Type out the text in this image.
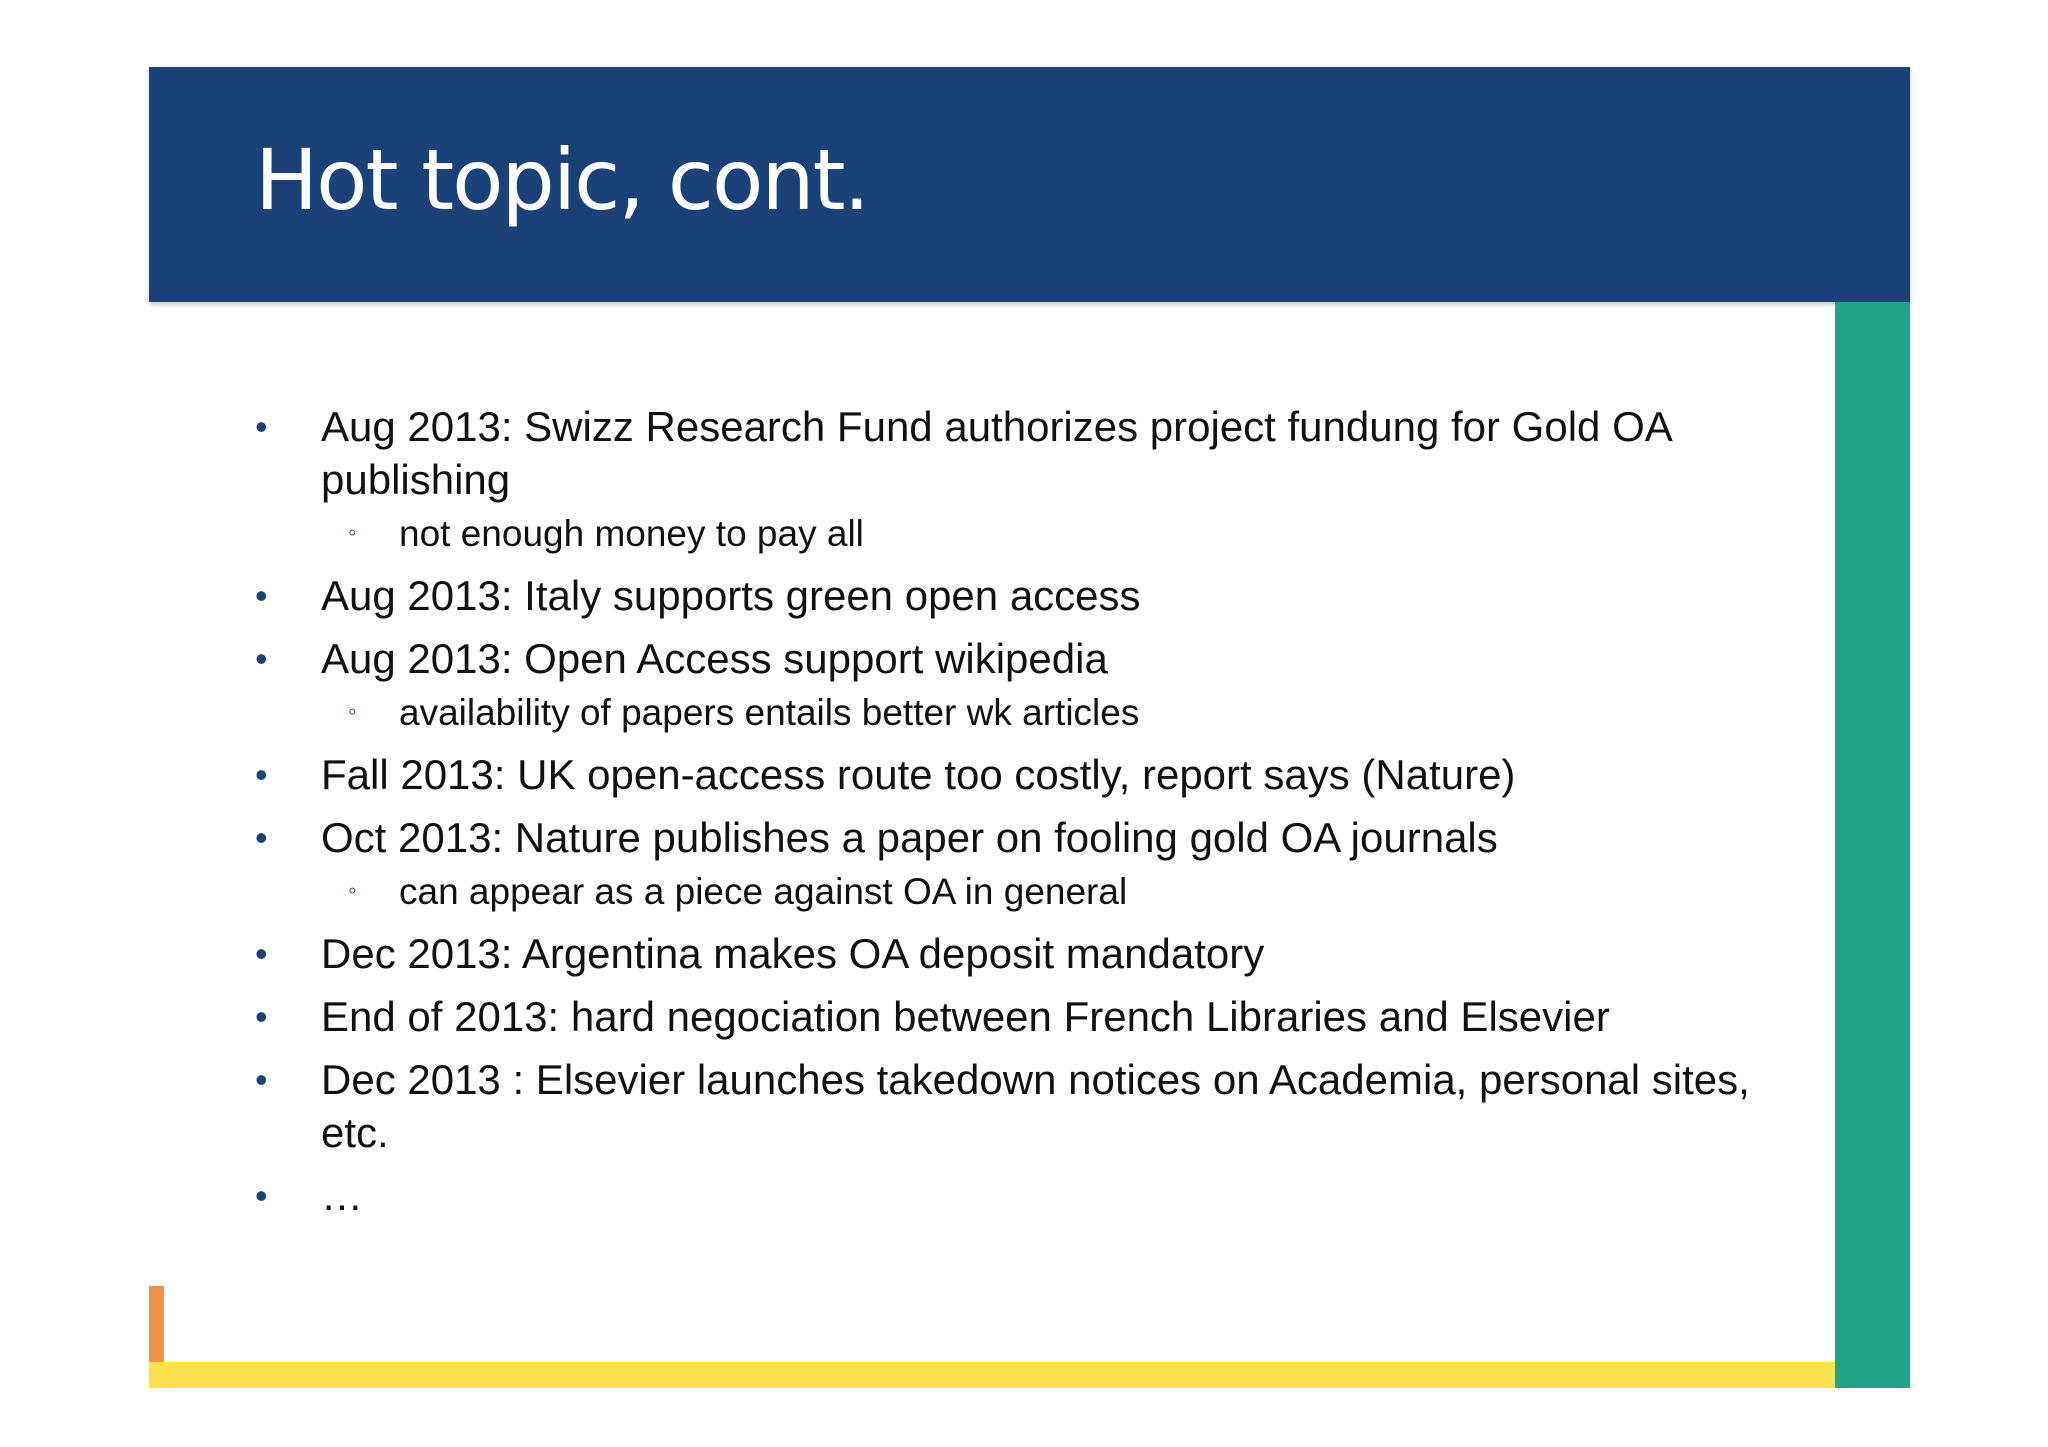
Hot topic, cont.
• Aug 2013: Swizz Research Fund authorizes project fundung for Gold OA publishing
◦ not enough money to pay all
• Aug 2013: Italy supports green open access
• Aug 2013: Open Access support wikipedia
◦ availability of papers entails better wk articles
• Fall 2013: UK open-access route too costly, report says (Nature)
• Oct 2013: Nature publishes a paper on fooling gold OA journals
◦ can appear as a piece against OA in general
• Dec 2013: Argentina makes OA deposit mandatory
• End of 2013: hard negociation between French Libraries and Elsevier
• Dec 2013 : Elsevier launches takedown notices on Academia, personal sites, etc.
• …
